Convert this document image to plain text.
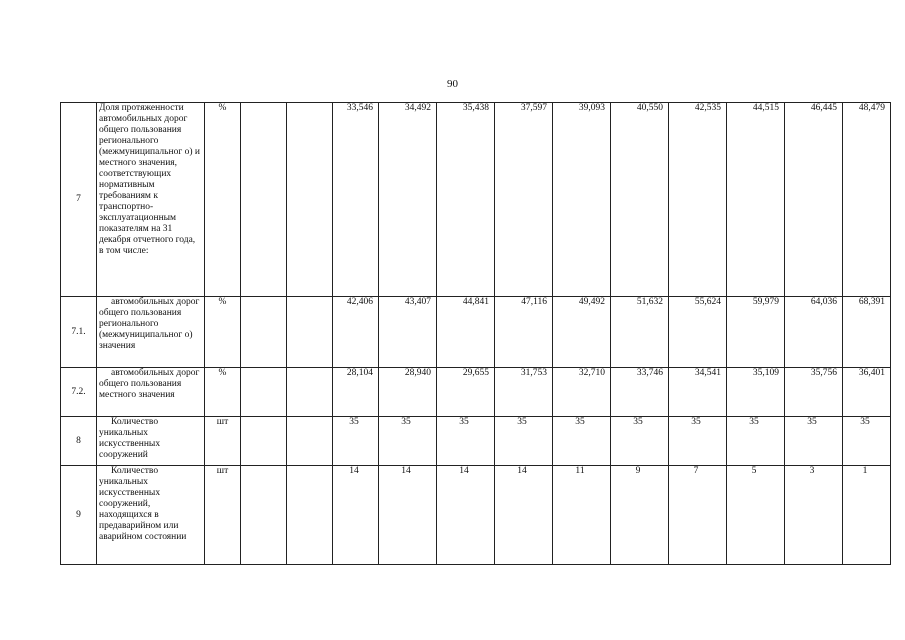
90
7	Доля протяженности автомобильных дорог общего пользования регионального (межмуниципальног о) и местного значения, соответствующих нормативным требованиям к транспортно-эксплуатационным показателям на 31 декабря отчетного года, в том числе:	%			33,546	34,492	35,438	37,597	39,093	40,550	42,535	44,515	46,445	48,479
7.1.	автомобильных дорог общего пользования регионального (межмуниципальног о) значения	%			42,406	43,407	44,841	47,116	49,492	51,632	55,624	59,979	64,036	68,391
7.2.	автомобильных дорог общего пользования местного значения	%			28,104	28,940	29,655	31,753	32,710	33,746	34,541	35,109	35,756	36,401
8	Количество уникальных искусственных сооружений	шт			35	35	35	35	35	35	35	35	35	35
9	Количество уникальных искусственных сооружений, находящихся в предаварийном или аварийном состоянии	шт			14	14	14	14	11	9	7	5	3	1
